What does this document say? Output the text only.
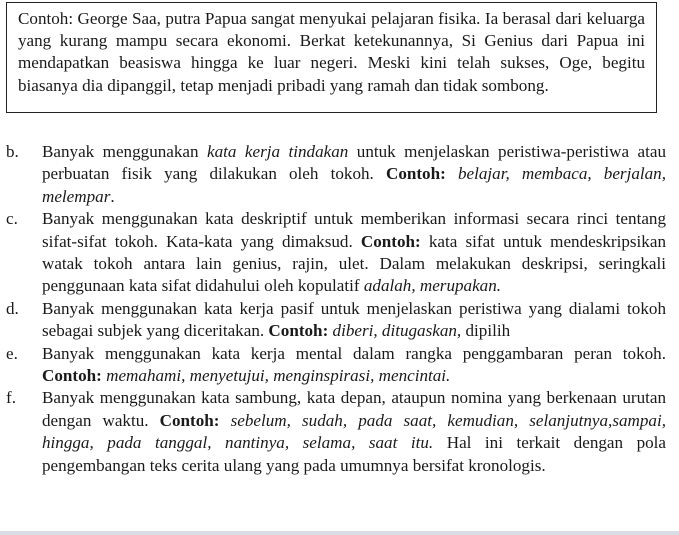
Contoh: George Saa, putra Papua sangat menyukai pelajaran fisika. Ia berasal dari keluarga yang kurang mampu secara ekonomi. Berkat ketekunannya, Si Genius dari Papua ini mendapatkan beasiswa hingga ke luar negeri. Meski kini telah sukses, Oge, begitu biasanya dia dipanggil, tetap menjadi pribadi yang ramah dan tidak sombong.
b.	Banyak menggunakan kata kerja tindakan untuk menjelaskan peristiwa-peristiwa atau perbuatan fisik yang dilakukan oleh tokoh. Contoh: belajar, membaca, berjalan, melempar.
c.	Banyak menggunakan kata deskriptif untuk memberikan informasi secara rinci tentang sifat-sifat tokoh. Kata-kata yang dimaksud. Contoh: kata sifat untuk mendeskripsikan watak tokoh antara lain genius, rajin, ulet. Dalam melakukan deskripsi, seringkali penggunaan kata sifat didahului oleh kopulatif adalah, merupakan.
d.	Banyak menggunakan kata kerja pasif untuk menjelaskan peristiwa yang dialami tokoh sebagai subjek yang diceritakan. Contoh: diberi, ditugaskan, dipilih
e.	Banyak menggunakan kata kerja mental dalam rangka penggambaran peran tokoh. Contoh: memahami, menyetujui, menginspirasi, mencintai.
f.	Banyak menggunakan kata sambung, kata depan, ataupun nomina yang berkenaan urutan dengan waktu. Contoh: sebelum, sudah, pada saat, kemudian, selanjutnya,sampai, hingga, pada tanggal, nantinya, selama, saat itu. Hal ini terkait dengan pola pengembangan teks cerita ulang yang pada umumnya bersifat kronologis.
